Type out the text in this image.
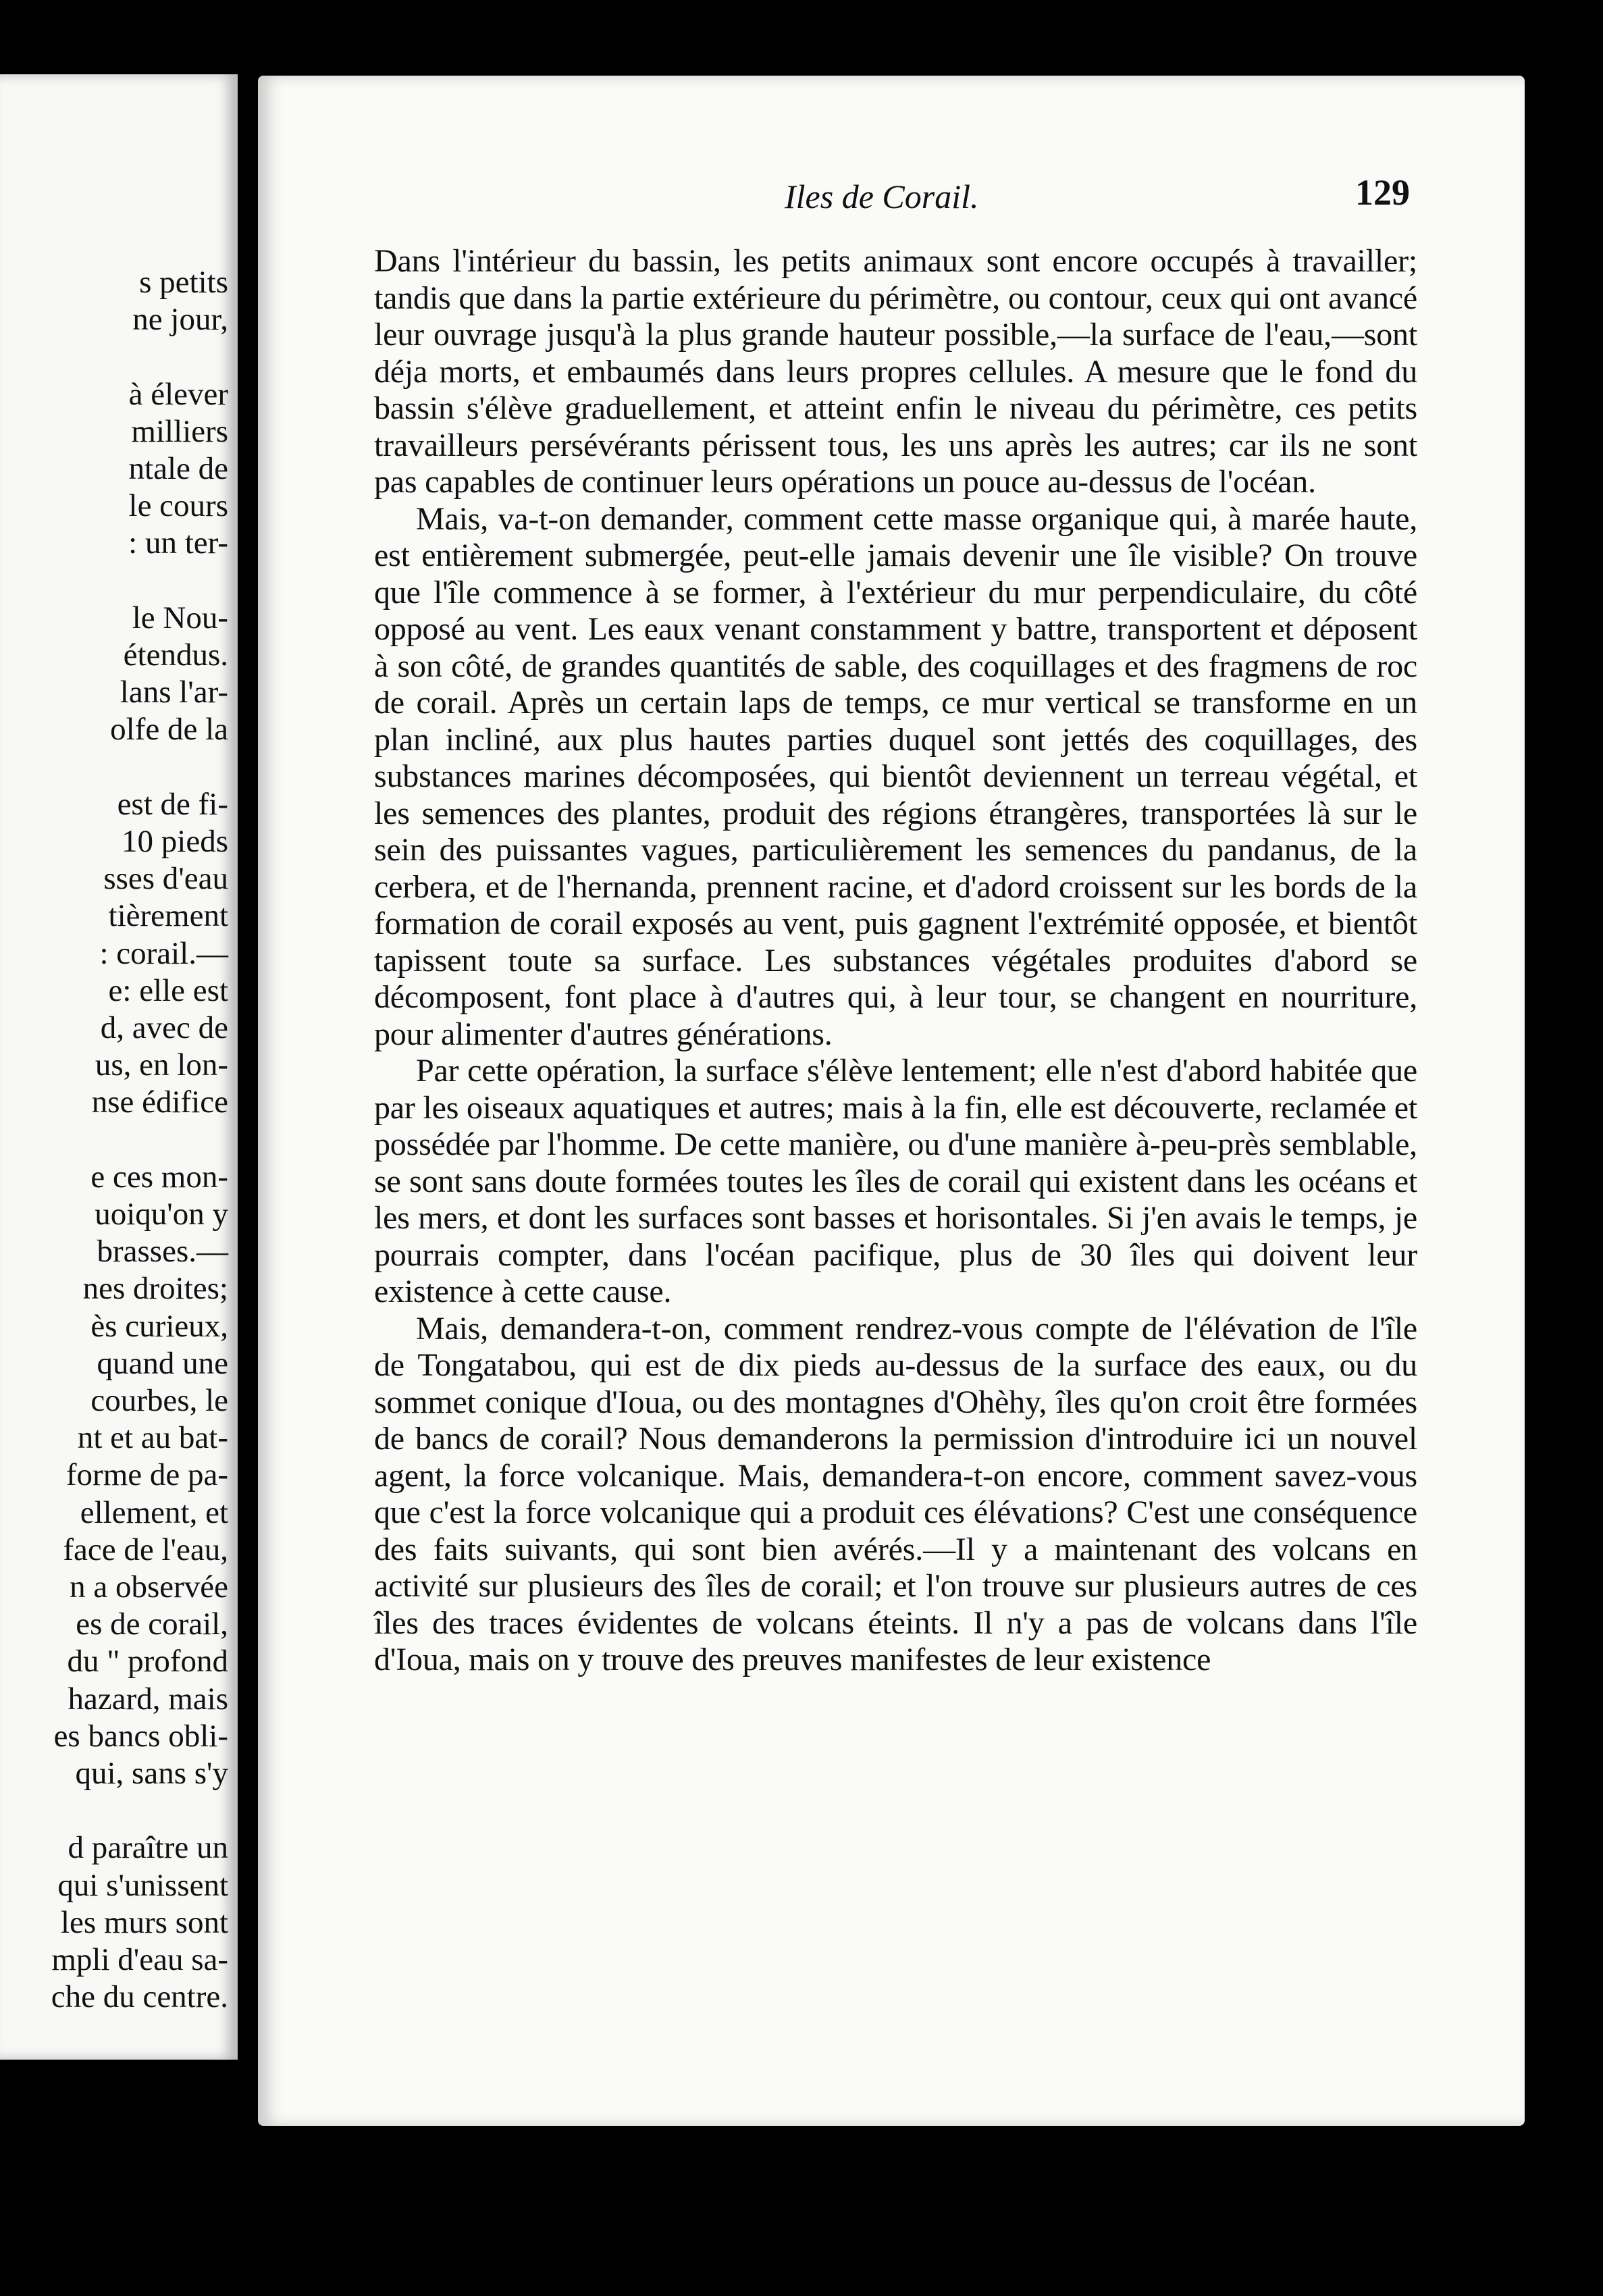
s petits
ne jour,
à élever
milliers
ntale de
le cours
: un ter-
le Nou-
étendus.
lans l'ar-
olfe de la
est de fi-
10 pieds
sses d'eau
tièrement
: corail.—
e: elle est
d, avec de
us, en lon-
nse édifice
e ces mon-
uoiqu'on y
brasses.—
nes droites;
ès curieux,
quand une
courbes, le
nt et au bat-
forme de pa-
ellement, et
face de l'eau,
n a observée
es de corail,
du " profond
hazard, mais
es bancs obli-
qui, sans s'y
d paraître un
qui s'unissent
les murs sont
mpli d'eau sa-
che du centre.
Iles de Corail.	129

Dans l'intérieur du bassin, les petits animaux sont encore occupés à travailler; tandis que dans la partie extérieure du périmètre, ou contour, ceux qui ont avancé leur ouvrage jusqu'à la plus grande hauteur possible,—la surface de l'eau,—sont déja morts, et embaumés dans leurs propres cellules. A mesure que le fond du bassin s'élève graduellement, et atteint enfin le niveau du périmètre, ces petits travailleurs persévérants périssent tous, les uns après les autres; car ils ne sont pas capables de continuer leurs opérations un pouce au-dessus de l'océan.

Mais, va-t-on demander, comment cette masse organique qui, à marée haute, est entièrement submergée, peut-elle jamais devenir une île visible? On trouve que l'île commence à se former, à l'extérieur du mur perpendiculaire, du côté opposé au vent. Les eaux venant constamment y battre, transportent et déposent à son côté, de grandes quantités de sable, des coquillages et des fragmens de roc de corail. Après un certain laps de temps, ce mur vertical se transforme en un plan incliné, aux plus hautes parties duquel sont jettés des coquillages, des substances marines décomposées, qui bientôt deviennent un terreau végétal, et les semences des plantes, produit des régions étrangères, transportées là sur le sein des puissantes vagues, particulièrement les semences du pandanus, de la cerbera, et de l'hernanda, prennent racine, et d'adord croissent sur les bords de la formation de corail exposés au vent, puis gagnent l'extrémité opposée, et bientôt tapissent toute sa surface. Les substances végétales produites d'abord se décomposent, font place à d'autres qui, à leur tour, se changent en nourriture, pour alimenter d'autres générations.

Par cette opération, la surface s'élève lentement; elle n'est d'abord habitée que par les oiseaux aquatiques et autres; mais à la fin, elle est découverte, reclamée et possédée par l'homme. De cette manière, ou d'une manière à-peu-près semblable, se sont sans doute formées toutes les îles de corail qui existent dans les océans et les mers, et dont les surfaces sont basses et horisontales. Si j'en avais le temps, je pourrais compter, dans l'océan pacifique, plus de 30 îles qui doivent leur existence à cette cause.

Mais, demandera-t-on, comment rendrez-vous compte de l'élévation de l'île de Tongatabou, qui est de dix pieds au-dessus de la surface des eaux, ou du sommet conique d'Ioua, ou des montagnes d'Ohèhy, îles qu'on croit être formées de bancs de corail? Nous demanderons la permission d'introduire ici un nouvel agent, la force volcanique. Mais, demandera-t-on encore, comment savez-vous que c'est la force volcanique qui a produit ces élévations? C'est une conséquence des faits suivants, qui sont bien avérés.—Il y a maintenant des volcans en activité sur plusieurs des îles de corail; et l'on trouve sur plusieurs autres de ces îles des traces évidentes de volcans éteints. Il n'y a pas de volcans dans l'île d'Ioua, mais on y trouve des preuves manifestes de leur existence
